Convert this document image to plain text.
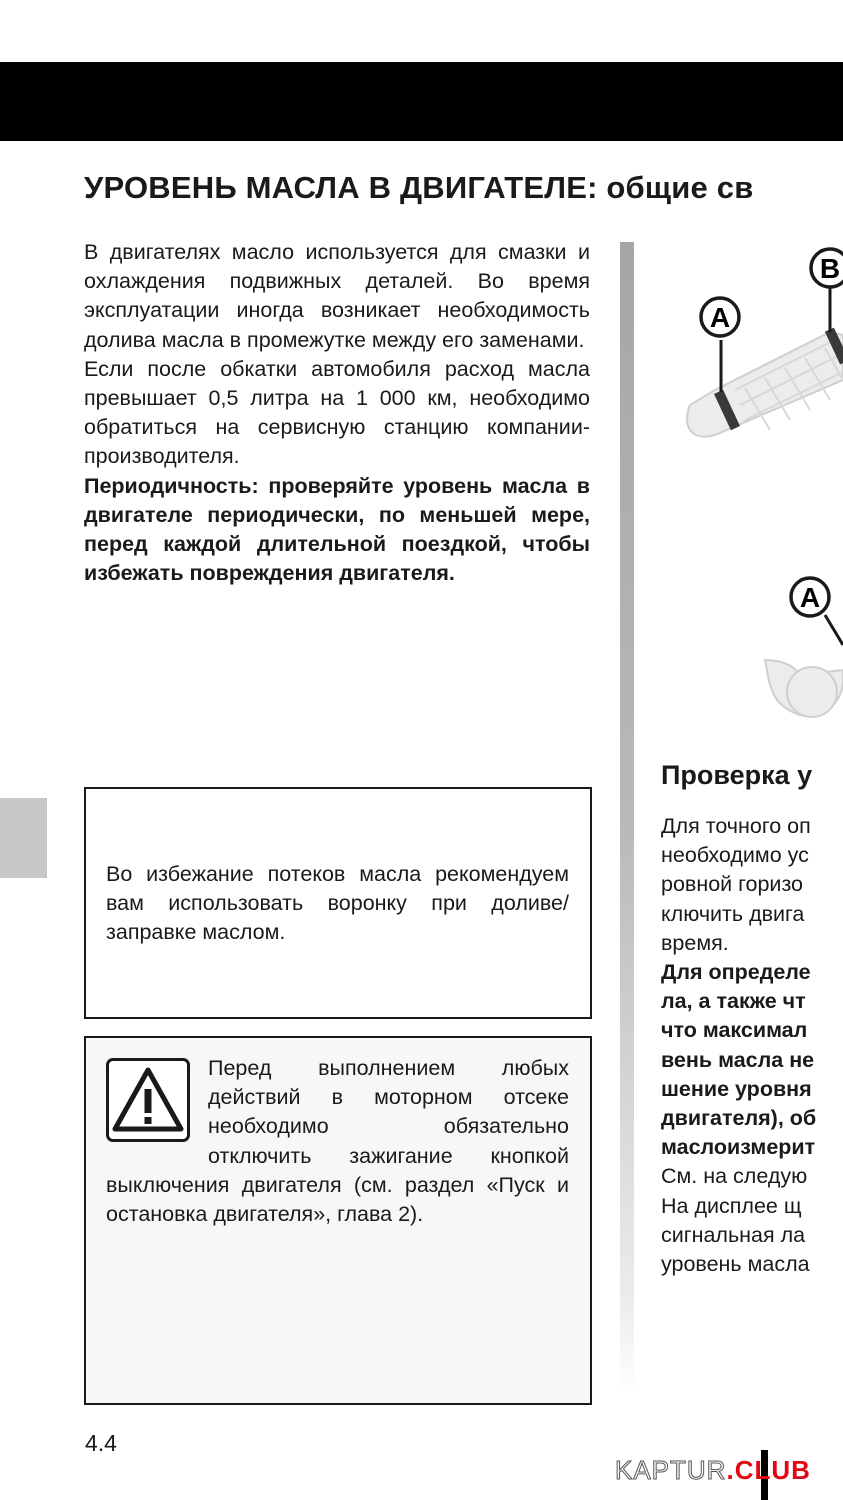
УРОВЕНЬ МАСЛА В ДВИГАТЕЛЕ: общие св

В двигателях масло используется для смазки и охлаждения подвижных деталей. Во время эксплуатации иногда возникает необходимость долива масла в промежутке между его заменами.

Если после обкатки автомобиля расход масла превышает 0,5 литра на 1 000 км, необходимо обратиться на сервисную станцию компании-производителя.

Периодичность: проверяйте уровень масла в двигателе периодически, по меньшей мере, перед каждой длительной поездкой, чтобы избежать повреждения двигателя.

Во избежание потеков масла рекомендуем вам использовать воронку при доливе/заправке маслом.
Перед выполнением любых действий в моторном отсеке необходимо обязательно отключить зажигание кнопкой выключения двигателя (см. раздел «Пуск и остановка двигателя», глава 2).
A
B
A
Проверка у

Для точного оп

необходимо ус

ровной горизо

ключить двига

время.

Для определе

ла, а также чт

что максимал

вень масла не

шение уровня

двигателя), об

маслоизмерит

См. на следую

На дисплее щ

сигнальная ла

уровень масла

4.4
KAPTUR.CLUB
